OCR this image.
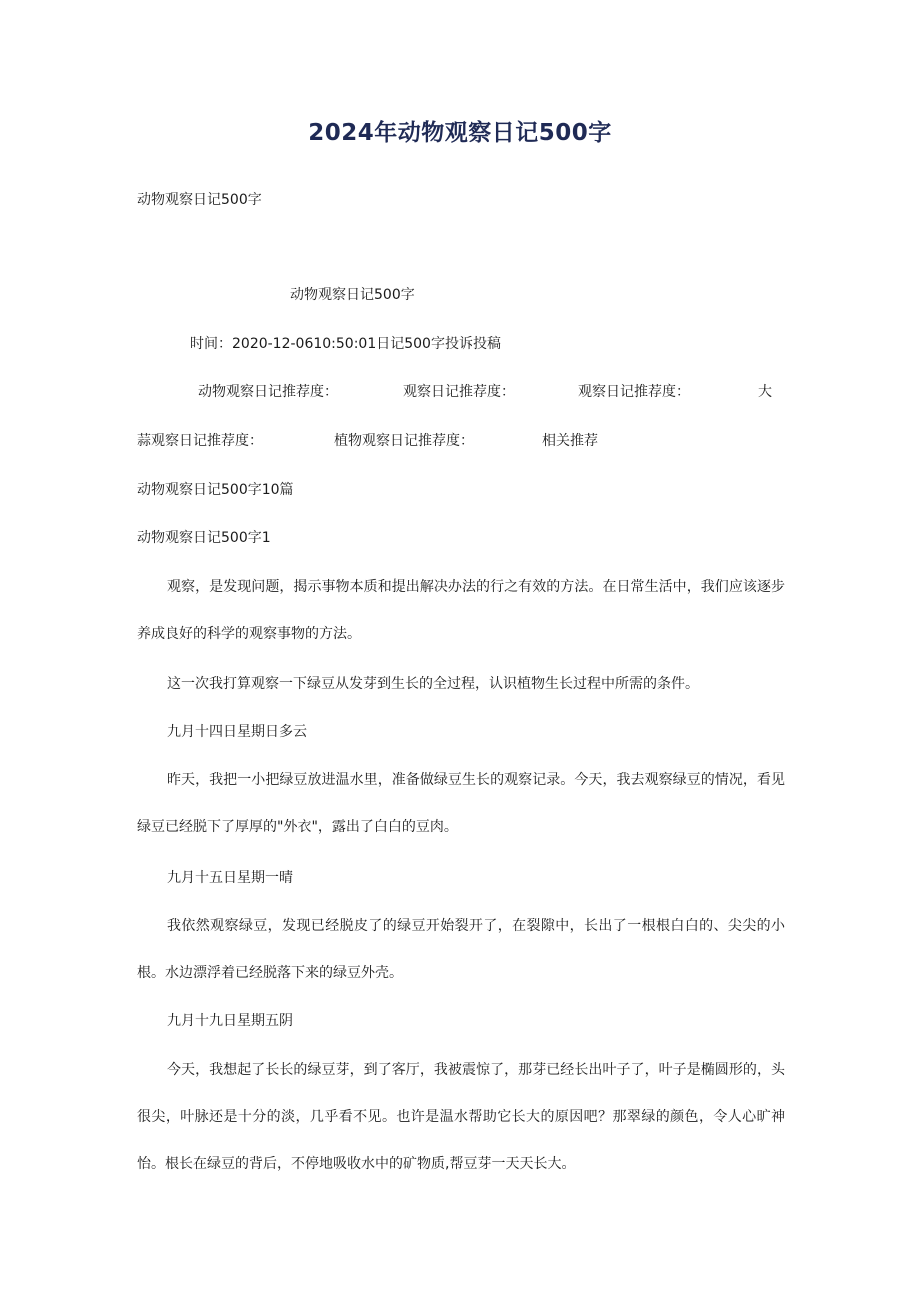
2024年动物观察日记500字
动物观察日记500字
动物观察日记500字
时间：2020-12-0610:50:01日记500字投诉投稿
动物观察日记推荐度：	观察日记推荐度：	观察日记推荐度：	大
蒜观察日记推荐度：	植物观察日记推荐度：	相关推荐
动物观察日记500字10篇
动物观察日记500字1
观察，是发现问题，揭示事物本质和提出解决办法的行之有效的方法。在日常生活中，我们应该逐步养成良好的科学的观察事物的方法。
这一次我打算观察一下绿豆从发芽到生长的全过程，认识植物生长过程中所需的条件。
九月十四日星期日多云
昨天，我把一小把绿豆放进温水里，准备做绿豆生长的观察记录。今天，我去观察绿豆的情况，看见绿豆已经脱下了厚厚的"外衣"，露出了白白的豆肉。
九月十五日星期一晴
我依然观察绿豆，发现已经脱皮了的绿豆开始裂开了，在裂隙中，长出了一根根白白的、尖尖的小根。水边漂浮着已经脱落下来的绿豆外壳。
九月十九日星期五阴
今天，我想起了长长的绿豆芽，到了客厅，我被震惊了，那芽已经长出叶子了，叶子是椭圆形的，头很尖，叶脉还是十分的淡，几乎看不见。也许是温水帮助它长大的原因吧？那翠绿的颜色，令人心旷神怡。根长在绿豆的背后，不停地吸收水中的矿物质,帮豆芽一天天长大。
